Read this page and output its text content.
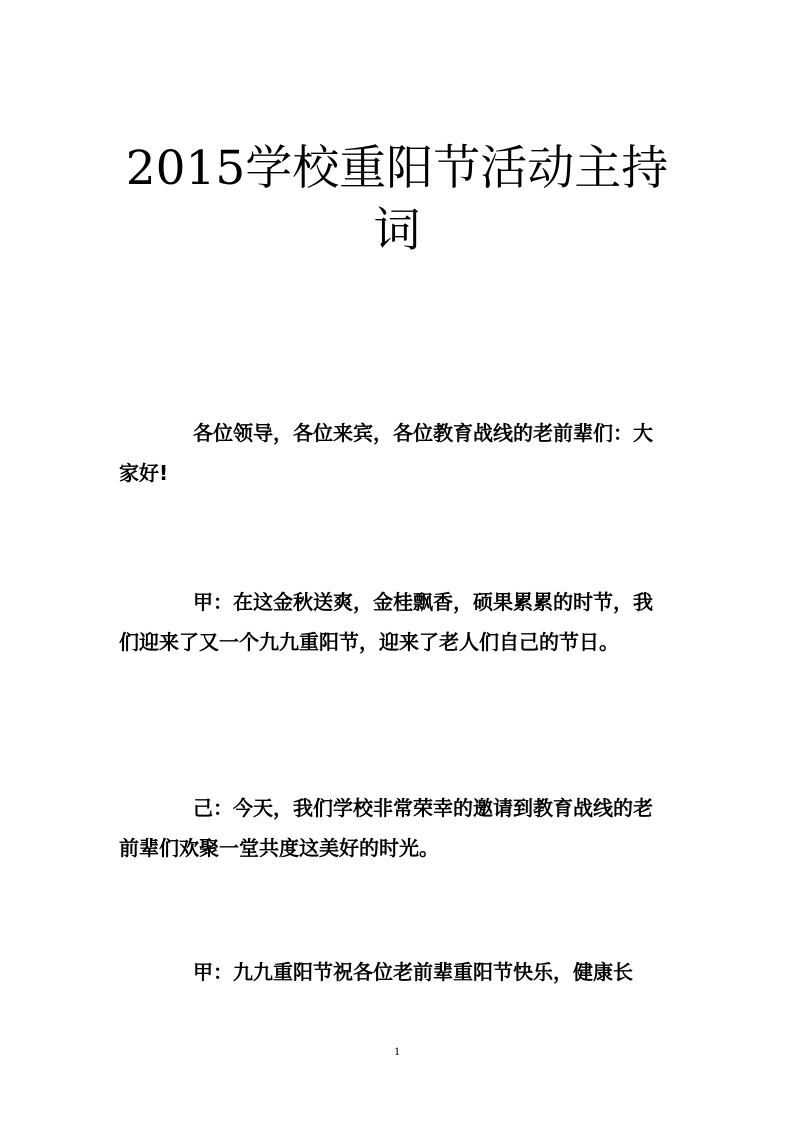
2015学校重阳节活动主持词

各位领导，各位来宾，各位教育战线的老前辈们：大家好!

甲：在这金秋送爽，金桂飘香，硕果累累的时节，我们迎来了又一个九九重阳节，迎来了老人们自己的节日。

己：今天，我们学校非常荣幸的邀请到教育战线的老前辈们欢聚一堂共度这美好的时光。

甲：九九重阳节祝各位老前辈重阳节快乐，健康长

1
